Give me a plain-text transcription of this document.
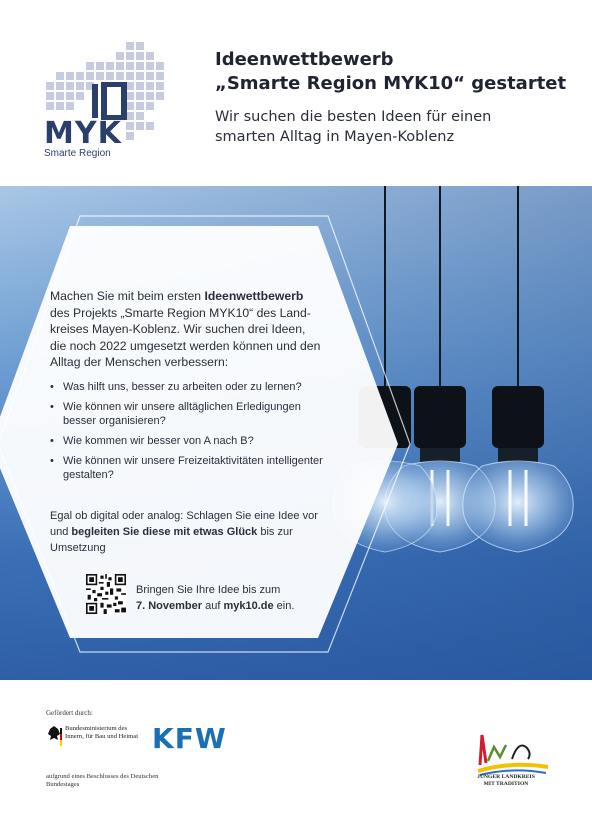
MYK
Smarte Region
Ideenwettbewerb
„Smarte Region MYK10“ gestartet

Wir suchen die besten Ideen für einen
smarten Alltag in Mayen-Koblenz

Machen Sie mit beim ersten Ideenwettbewerb des Projekts „Smarte Region MYK10“ des Land-kreises Mayen-Koblenz. Wir suchen drei Ideen, die noch 2022 umgesetzt werden können und den Alltag der Menschen verbessern:

• Was hilft uns, besser zu arbeiten oder zu lernen?
• Wie können wir unsere alltäglichen Erledigungen besser organisieren?
• Wie kommen wir besser von A nach B?
• Wie können wir unsere Freizeitaktivitäten intelligenter gestalten?

Egal ob digital oder analog: Schlagen Sie eine Idee vor und begleiten Sie diese mit etwas Glück bis zur Umsetzung

Bringen Sie Ihre Idee bis zum
7. November auf myk10.de ein.

Gefördert durch:
Bundesministerium des Innern, für Bau und Heimat
aufgrund eines Beschlusses des Deutschen Bundestages
KFW
JUNGER LANDKREIS MIT TRADITION
